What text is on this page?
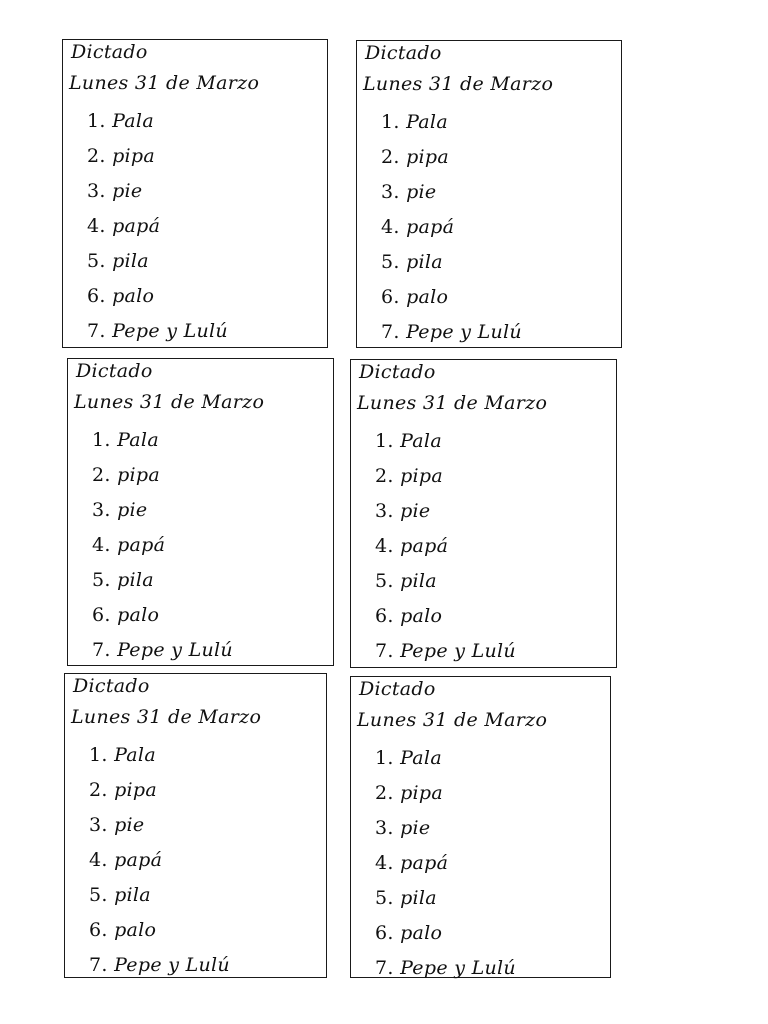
Dictado
Lunes 31 de Marzo
1. Pala
2. pipa
3. pie
4. papá
5. pila
6. palo
7. Pepe y Lulú
Dictado
Lunes 31 de Marzo
1. Pala
2. pipa
3. pie
4. papá
5. pila
6. palo
7. Pepe y Lulú
Dictado
Lunes 31 de Marzo
1. Pala
2. pipa
3. pie
4. papá
5. pila
6. palo
7. Pepe y Lulú
Dictado
Lunes 31 de Marzo
1. Pala
2. pipa
3. pie
4. papá
5. pila
6. palo
7. Pepe y Lulú
Dictado
Lunes 31 de Marzo
1. Pala
2. pipa
3. pie
4. papá
5. pila
6. palo
7. Pepe y Lulú
Dictado
Lunes 31 de Marzo
1. Pala
2. pipa
3. pie
4. papá
5. pila
6. palo
7. Pepe y Lulú
